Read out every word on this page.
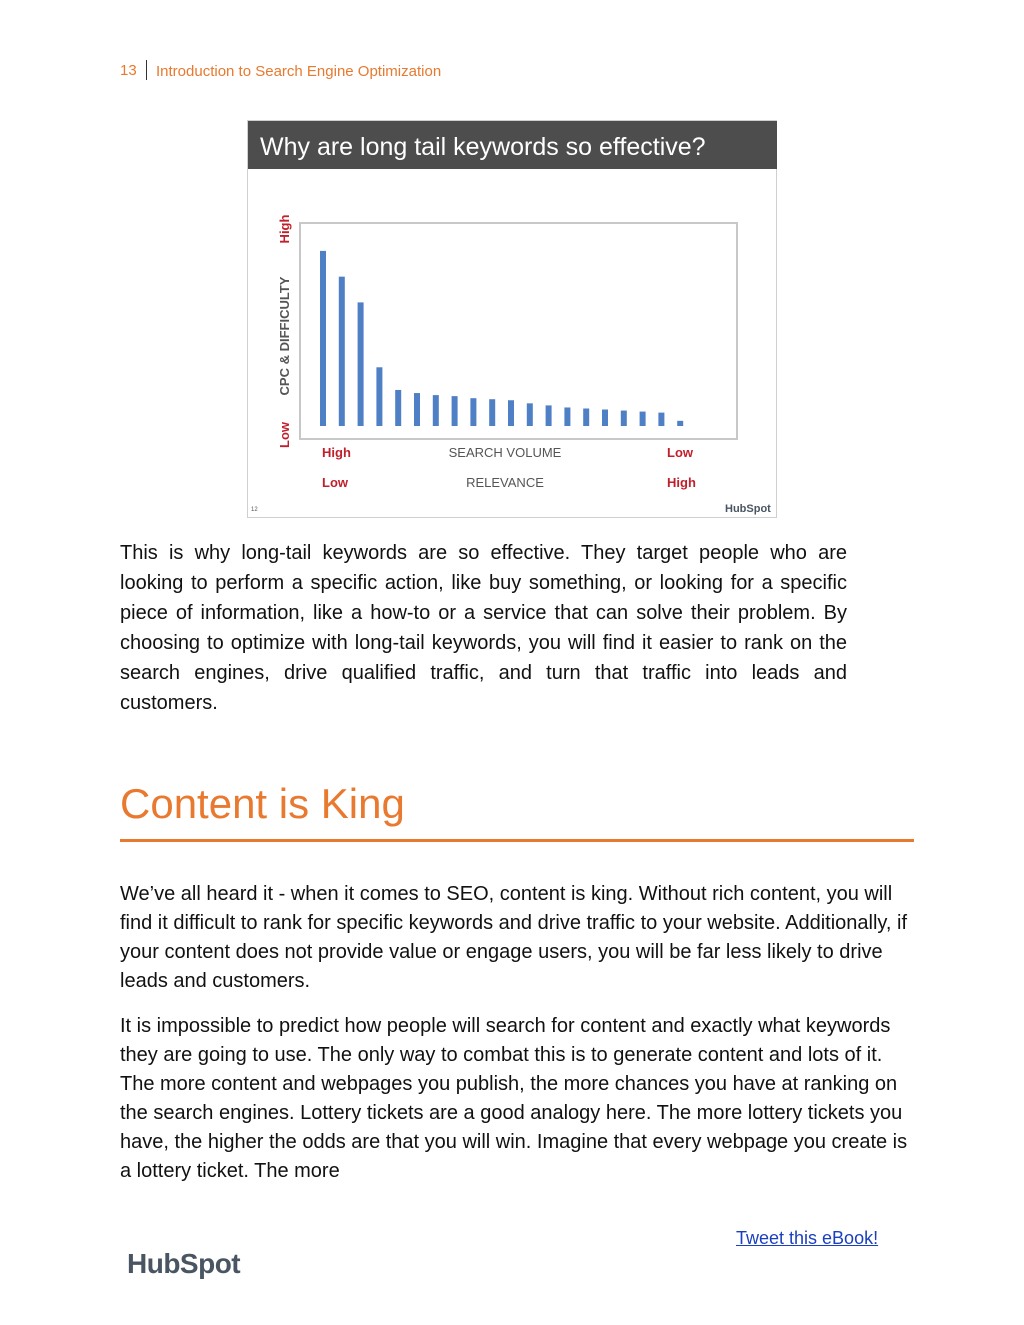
13 Introduction to Search Engine Optimization
High
CPC & DIFFICULTY
Low
High	SEARCH VOLUME	Low
Low	RELEVANCE	High
HubSpot
Why are long tail keywords so effective?
12
This is why long-tail keywords are so effective. They target people who are looking to perform a specific action, like buy something, or looking for a specific piece of information, like a how-to or a service that can solve their problem. By choosing to optimize with long-tail keywords, you will find it easier to rank on the search engines, drive qualified traffic, and turn that traffic into leads and customers.
Content is King
We’ve all heard it - when it comes to SEO, content is king. Without rich content, you will find it difficult to rank for specific keywords and drive traffic to your website. Additionally, if your content does not provide value or engage users, you will be far less likely to drive leads and customers.
It is impossible to predict how people will search for content and exactly what keywords they are going to use. The only way to combat this is to generate content and lots of it. The more content and webpages you publish, the more chances you have at ranking on the search engines. Lottery tickets are a good analogy here. The more lottery tickets you have, the higher the odds are that you will win. Imagine that every webpage you create is a lottery ticket. The more
Tweet this eBook!
HubSpot
